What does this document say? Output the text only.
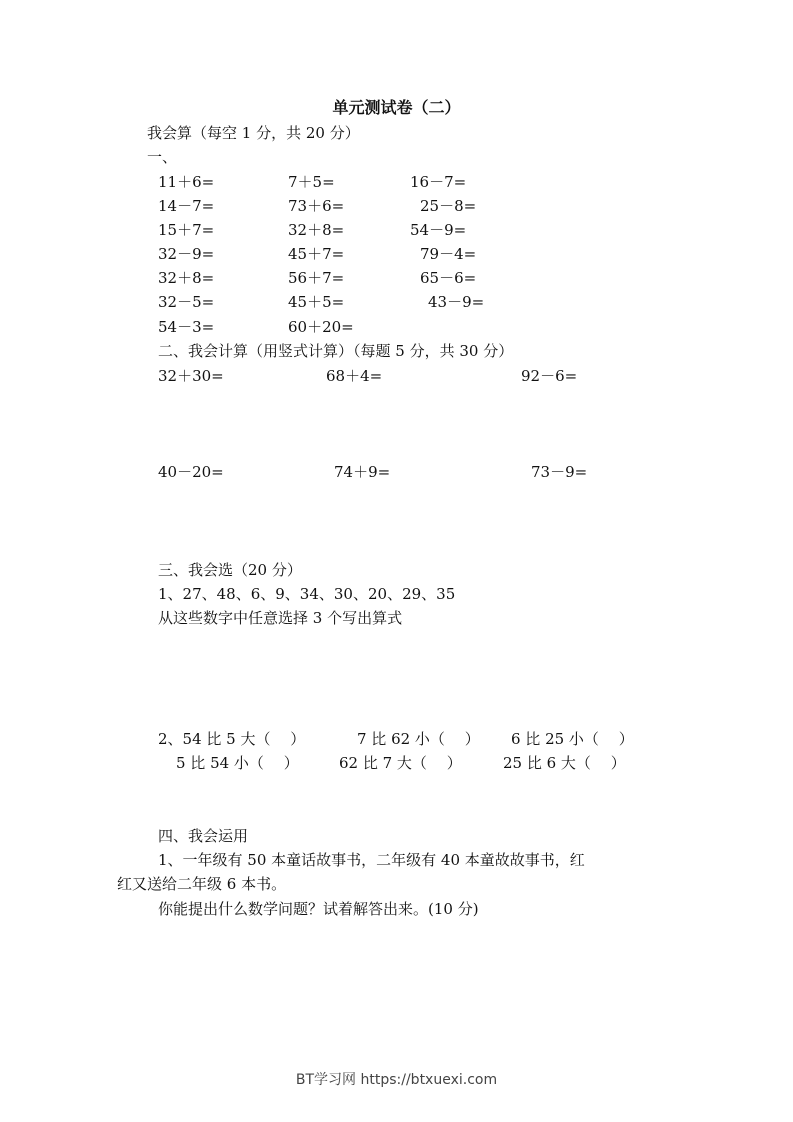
单元测试卷（二）
我会算（每空 1 分，共 20 分）
一、
11＋6=	7＋5=	16－7=
14－7=	73＋6=	25－8=
15＋7=	32＋8=	54－9=
32－9=	45＋7=	79－4=
32＋8=	56＋7=	65－6=
32－5=	45＋5=	43－9=
54－3=	60＋20=
二、我会计算（用竖式计算）（每题 5 分，共 30 分）
32＋30=	68＋4=	92－6=
40－20=	74＋9=	73－9=
三、我会选（20 分）
1、27、48、6、9、34、30、20、29、35
从这些数字中任意选择 3 个写出算式
2、54 比 5 大（　 ）	7 比 62 小（　 ） 6 比 25 小（　 ）
5 比 54 小（　 ）	62 比 7 大（　 ）	25 比 6 大（　 ）
四、我会运用
1、一年级有 50 本童话故事书，二年级有 40 本童故故事书，红
红又送给二年级 6 本书。
你能提出什么数学问题？试着解答出来。(10 分)
BT学习网 https://btxuexi.com
